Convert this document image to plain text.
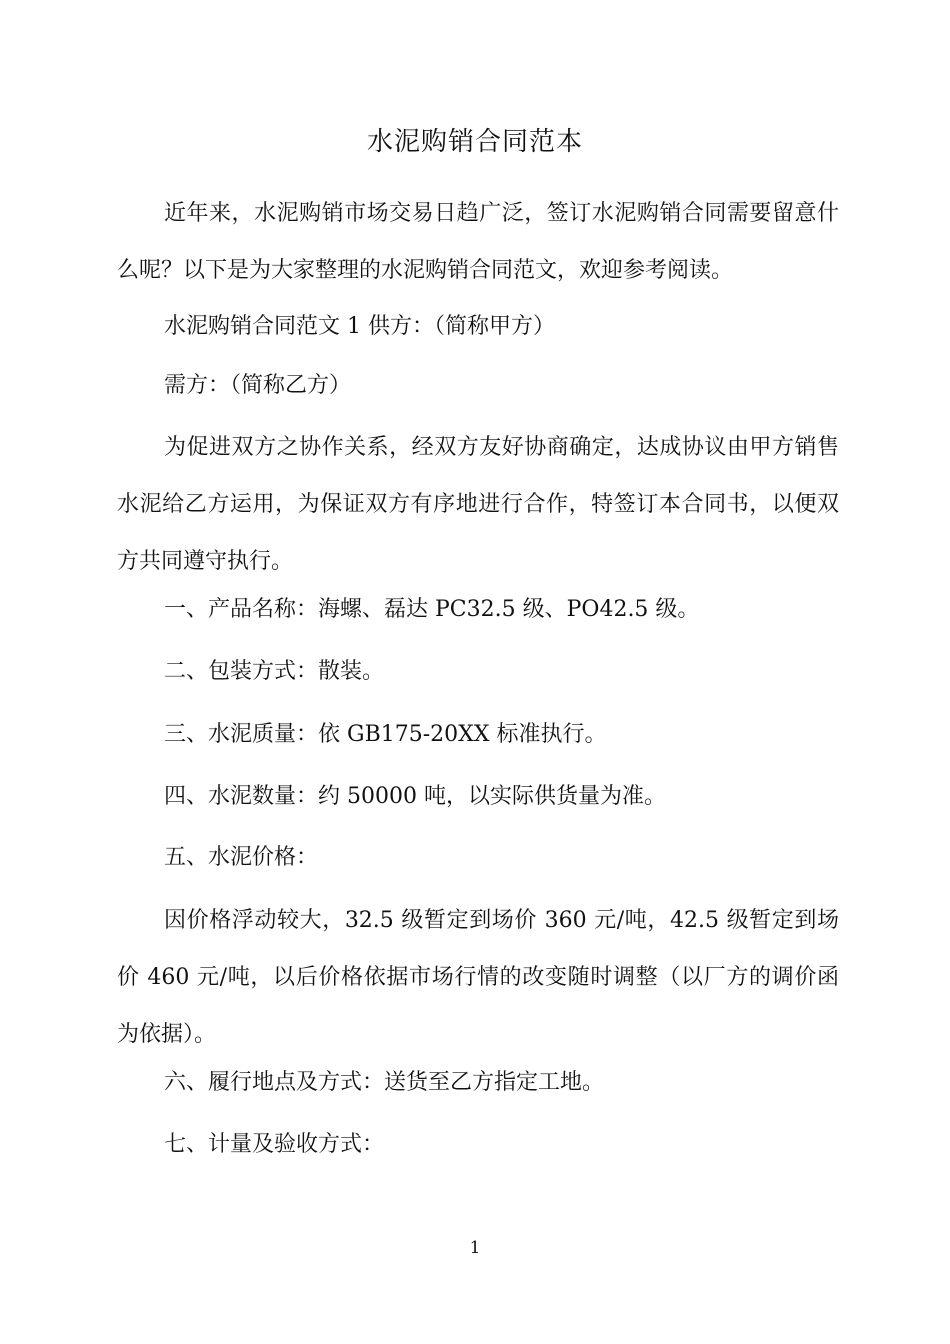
水泥购销合同范本
近年来，水泥购销市场交易日趋广泛，签订水泥购销合同需要留意什么呢？以下是为大家整理的水泥购销合同范文，欢迎参考阅读。
水泥购销合同范文 1 供方：（简称甲方）
需方：（简称乙方）
为促进双方之协作关系，经双方友好协商确定，达成协议由甲方销售水泥给乙方运用，为保证双方有序地进行合作，特签订本合同书，以便双方共同遵守执行。
一、产品名称：海螺、磊达 PC32.5 级、PO42.5 级。
二、包装方式：散装。
三、水泥质量：依 GB175-20XX 标准执行。
四、水泥数量：约 50000 吨，以实际供货量为准。
五、水泥价格：
因价格浮动较大，32.5 级暂定到场价 360 元/吨，42.5 级暂定到场价 460 元/吨，以后价格依据市场行情的改变随时调整（以厂方的调价函为依据）。
六、履行地点及方式：送货至乙方指定工地。
七、计量及验收方式：
1
